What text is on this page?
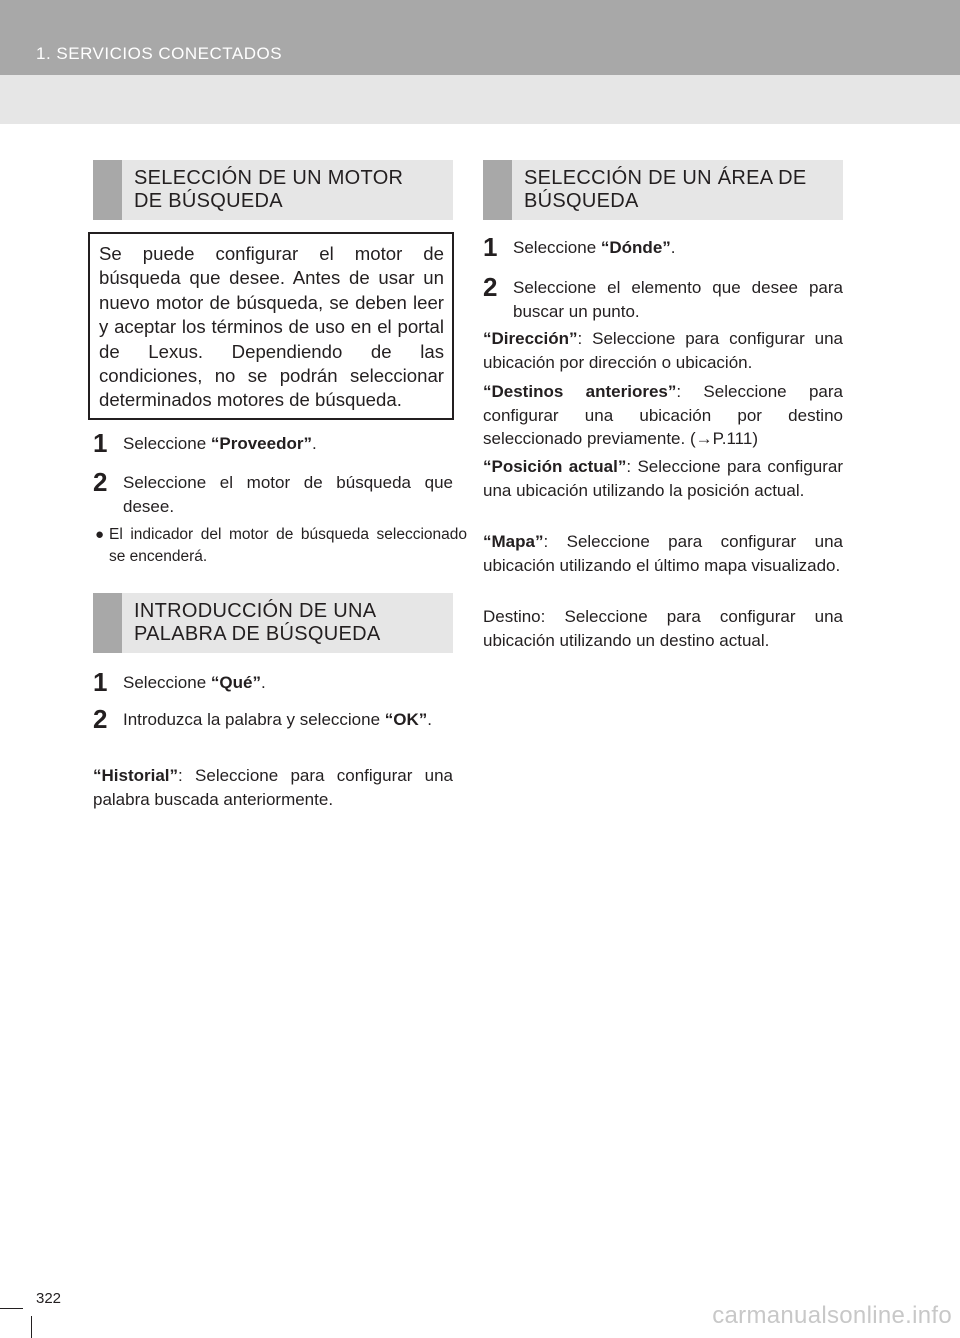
1. SERVICIOS CONECTADOS
SELECCIÓN DE UN MOTOR
DE BÚSQUEDA

Se puede configurar el motor de búsqueda que desee. Antes de usar un nuevo motor de búsqueda, se deben leer y aceptar los términos de uso en el portal de Lexus. Dependiendo de las condiciones, no se podrán seleccionar determinados motores de búsqueda.

1 Seleccione “Proveedor”.
2 Seleccione el motor de búsqueda que desee.
● El indicador del motor de búsqueda seleccionado se encenderá.
INTRODUCCIÓN DE UNA
PALABRA DE BÚSQUEDA
1 Seleccione “Qué”.
2 Introduzca la palabra y seleccione “OK”.
“Historial”: Seleccione para configurar una palabra buscada anteriormente.
SELECCIÓN DE UN ÁREA DE
BÚSQUEDA
1 Seleccione “Dónde”.
2 Seleccione el elemento que desee para buscar un punto.
“Dirección”: Seleccione para configurar una ubicación por dirección o ubicación.
“Destinos anteriores”: Seleccione para configurar una ubicación por destino seleccionado previamente. (→P.111)
“Posición actual”: Seleccione para configurar una ubicación utilizando la posición actual.
“Mapa”: Seleccione para configurar una ubicación utilizando el último mapa visualizado.
Destino: Seleccione para configurar una ubicación utilizando un destino actual.
322
carmanualsonline.info
